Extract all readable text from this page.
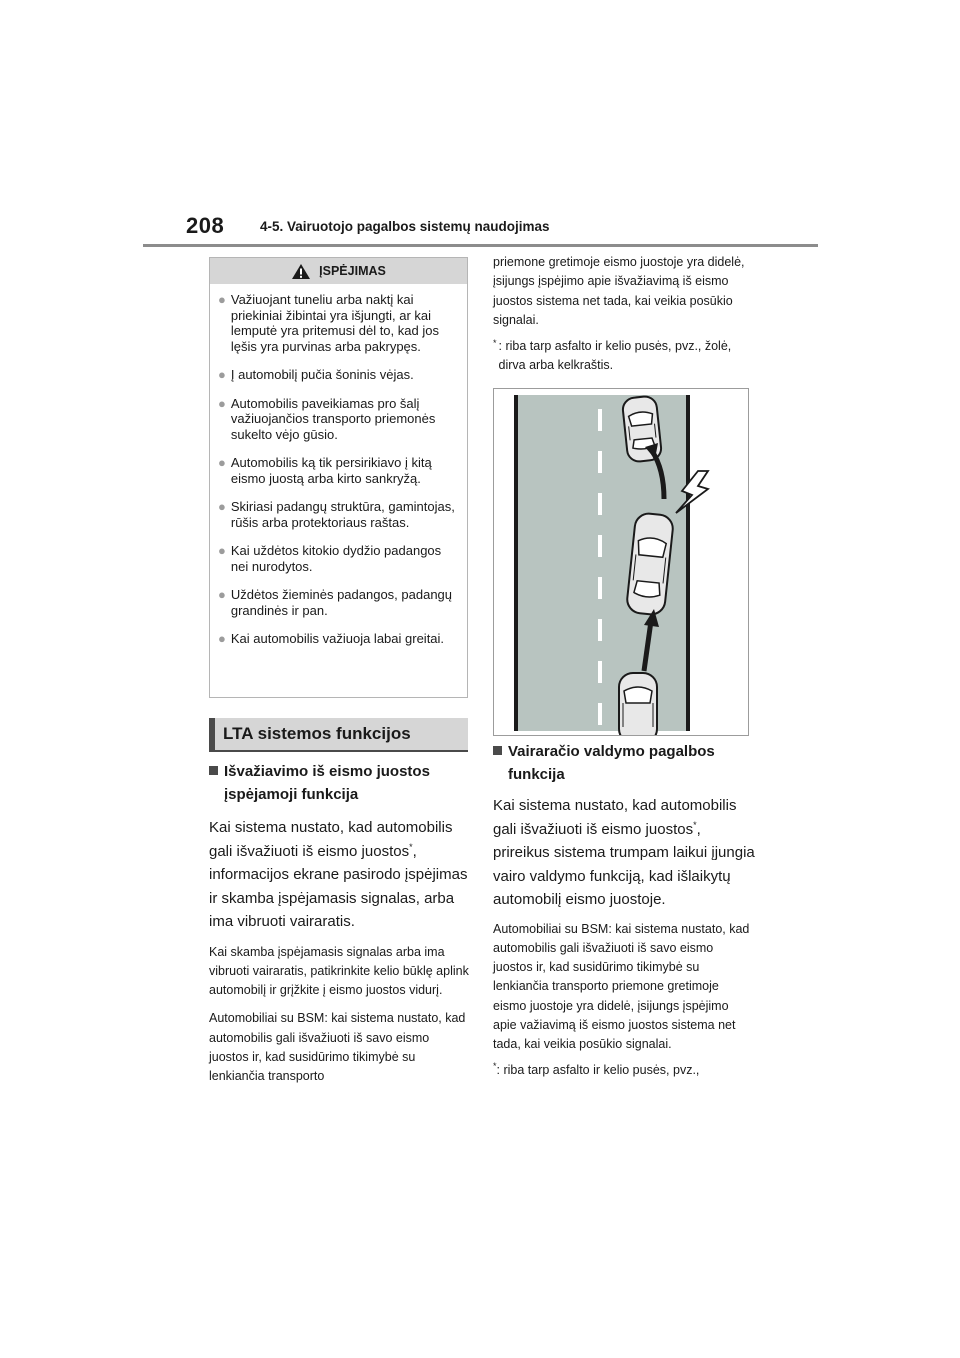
208	4-5. Vairuotojo pagalbos sistemų naudojimas
ĮSPĖJIMAS
● Važiuojant tuneliu arba naktį kai priekiniai žibintai yra išjungti, ar kai lemputė yra pritemusi dėl to, kad jos lęšis yra purvinas arba pakrypęs.
● Į automobilį pučia šoninis vėjas.
● Automobilis paveikiamas pro šalį važiuojančios transporto priemonės sukelto vėjo gūsio.
● Automobilis ką tik persirikiavo į kitą eismo juostą arba kirto sankryžą.
● Skiriasi padangų struktūra, gamintojas, rūšis arba protektoriaus raštas.
● Kai uždėtos kitokio dydžio padangos nei nurodytos.
● Uždėtos žieminės padangos, padangų grandinės ir pan.
● Kai automobilis važiuoja labai greitai.
LTA sistemos funkcijos
Išvažiavimo iš eismo juostos įspėjamoji funkcija
Kai sistema nustato, kad automobilis gali išvažiuoti iš eismo juostos*, informacijos ekrane pasirodo įspėjimas ir skamba įspėjamasis signalas, arba ima vibruoti vairaratis.
Kai skamba įspėjamasis signalas arba ima vibruoti vairaratis, patikrinkite kelio būklę aplink automobilį ir grįžkite į eismo juostos vidurį.
Automobiliai su BSM: kai sistema nustatо, kad automobilis gali išvažiuoti iš savo eismo juostos ir, kad susidūrimo tikimybė su lenkiančia transporto
priemone gretimoje eismo juostoje yra didelė, įsijungs įspėjimo apie išvažiavimą iš eismo juostos sistema net tada, kai veikia posūkio signalai.
* : riba tarp asfalto ir kelio pusės, pvz., žolė, dirva arba kelkraštis.
Vairaračio valdymo pagalbos funkcija
Kai sistema nustato, kad automobilis gali išvažiuoti iš eismo juostos*, prireikus sistema trumpam laikui įjungia vairo valdymo funkciją, kad išlaikytų automobilį eismo juostoje.
Automobiliai su BSM: kai sistema nustato, kad automobilis gali išvažiuoti iš savo eismo juostos ir, kad susidūrimo tikimybė su lenkiančia transporto priemone gretimoje eismo juostoje yra didelė, įsijungs įspėjimo apie važiavimą iš eismo juostos sistema net tada, kai veikia posūkio signalai.
*: riba tarp asfalto ir kelio pusės, pvz.,
